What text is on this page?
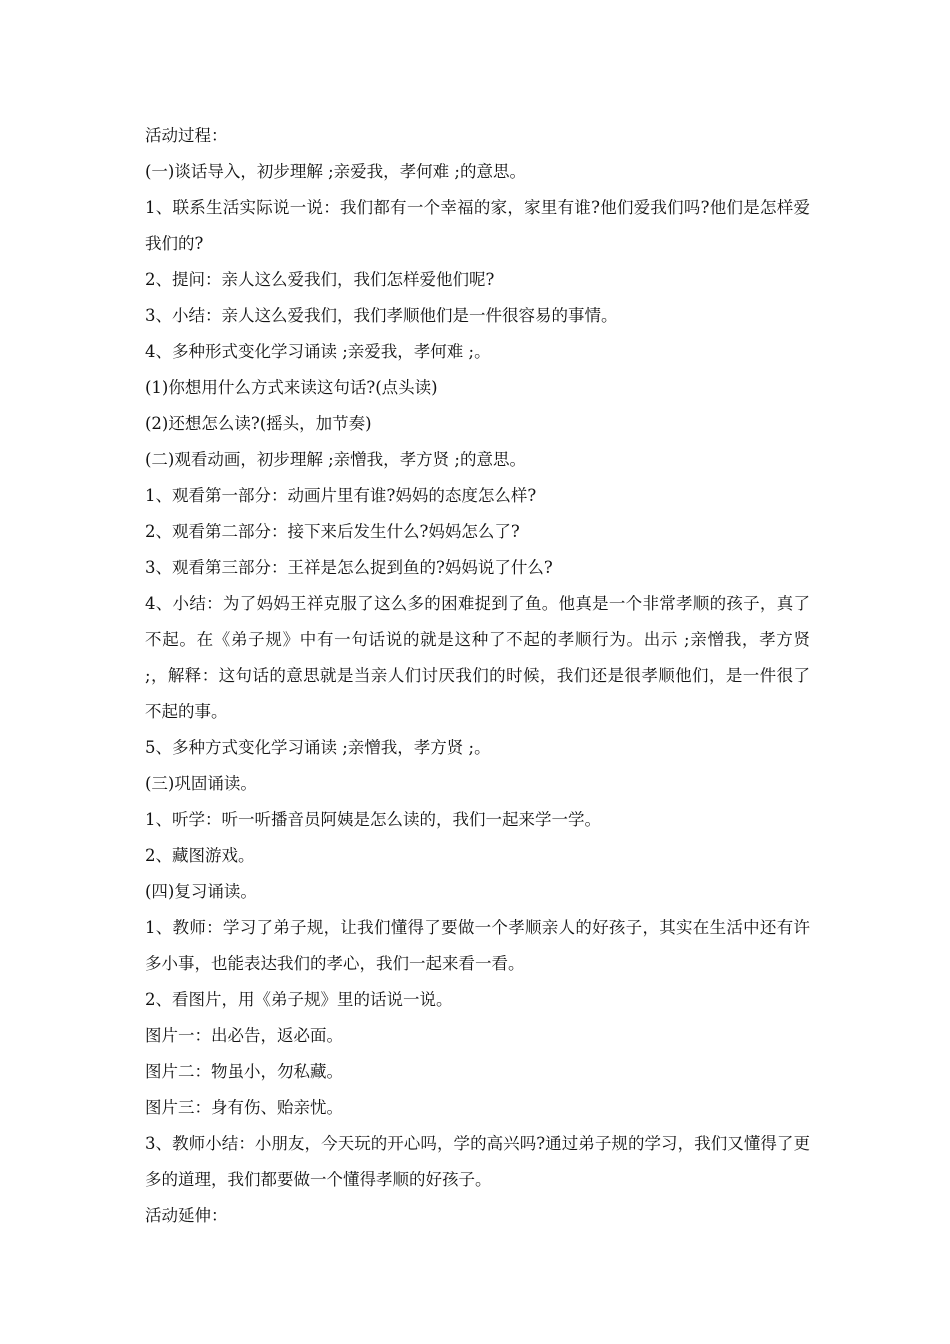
活动过程：
(一)谈话导入，初步理解 ;亲爱我，孝何难 ;的意思。
1、联系生活实际说一说：我们都有一个幸福的家，家里有谁?他们爱我们吗?他们是怎样爱我们的?
2、提问：亲人这么爱我们，我们怎样爱他们呢?
3、小结：亲人这么爱我们，我们孝顺他们是一件很容易的事情。
4、多种形式变化学习诵读 ;亲爱我，孝何难 ;。
(1)你想用什么方式来读这句话?(点头读)
(2)还想怎么读?(摇头，加节奏)
(二)观看动画，初步理解 ;亲憎我，孝方贤 ;的意思。
1、观看第一部分：动画片里有谁?妈妈的态度怎么样?
2、观看第二部分：接下来后发生什么?妈妈怎么了?
3、观看第三部分：王祥是怎么捉到鱼的?妈妈说了什么?
4、小结：为了妈妈王祥克服了这么多的困难捉到了鱼。他真是一个非常孝顺的孩子，真了不起。在《弟子规》中有一句话说的就是这种了不起的孝顺行为。出示 ;亲憎我，孝方贤 ;，解释：这句话的意思就是当亲人们讨厌我们的时候，我们还是很孝顺他们，是一件很了不起的事。
5、多种方式变化学习诵读 ;亲憎我，孝方贤 ;。
(三)巩固诵读。
1、听学：听一听播音员阿姨是怎么读的，我们一起来学一学。
2、藏图游戏。
(四)复习诵读。
1、教师：学习了弟子规，让我们懂得了要做一个孝顺亲人的好孩子，其实在生活中还有许多小事，也能表达我们的孝心，我们一起来看一看。
2、看图片，用《弟子规》里的话说一说。
图片一：出必告，返必面。
图片二：物虽小，勿私藏。
图片三：身有伤、贻亲忧。
3、教师小结：小朋友，今天玩的开心吗，学的高兴吗?通过弟子规的学习，我们又懂得了更多的道理，我们都要做一个懂得孝顺的好孩子。
活动延伸：
